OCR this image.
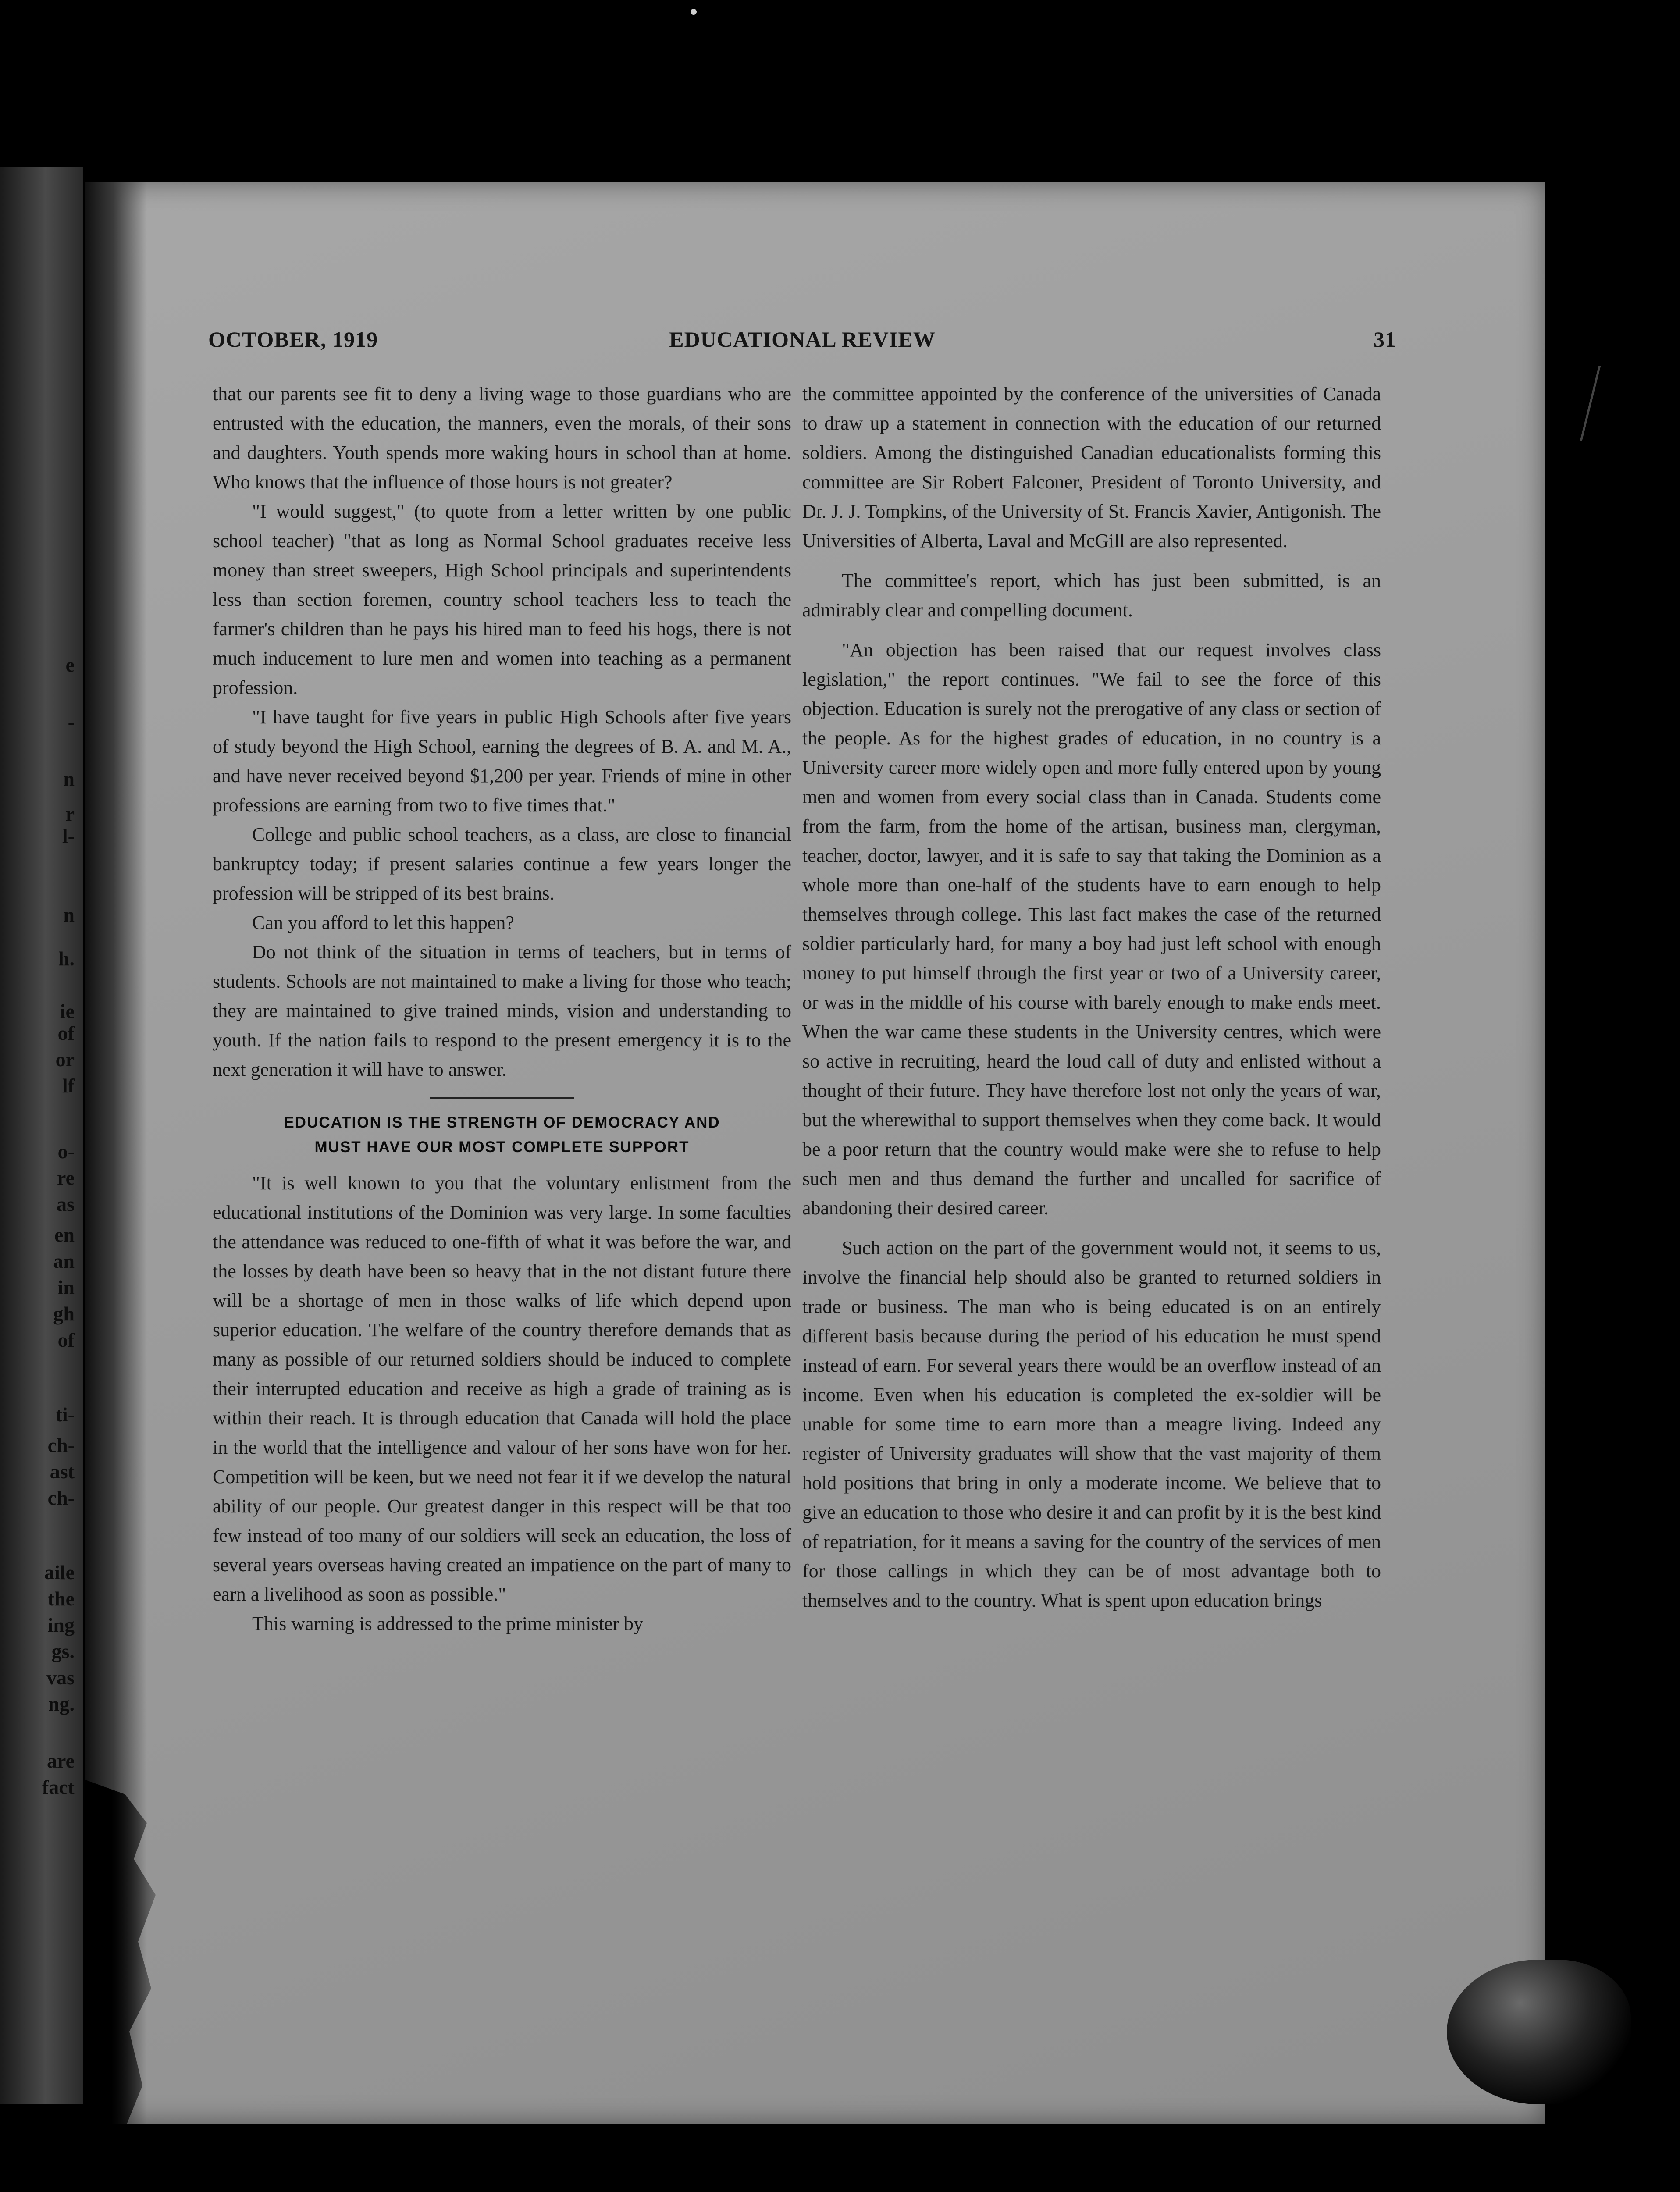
e
-
n
r
l-
n
h.
ie
of
or
lf
o-
re
as
en
an
in
gh
of
ti-
ch-
ast
ch-
aile
the
ing
gs.
vas
ng.
are
fact
OCTOBER, 1919	EDUCATIONAL REVIEW	31

that our parents see fit to deny a living wage to those guardians who are entrusted with the education, the manners, even the morals, of their sons and daughters. Youth spends more waking hours in school than at home. Who knows that the influence of those hours is not greater?

"I would suggest," (to quote from a letter written by one public school teacher) "that as long as Normal School graduates receive less money than street sweepers, High School principals and superintendents less than section foremen, country school teachers less to teach the farmer's children than he pays his hired man to feed his hogs, there is not much inducement to lure men and women into teaching as a permanent profession.

"I have taught for five years in public High Schools after five years of study beyond the High School, earning the degrees of B. A. and M. A., and have never received beyond $1,200 per year. Friends of mine in other professions are earning from two to five times that."

College and public school teachers, as a class, are close to financial bankruptcy today; if present salaries continue a few years longer the profession will be stripped of its best brains.

Can you afford to let this happen?

Do not think of the situation in terms of teachers, but in terms of students. Schools are not maintained to make a living for those who teach; they are maintained to give trained minds, vision and understanding to youth. If the nation fails to respond to the present emergency it is to the next generation it will have to answer.

EDUCATION IS THE STRENGTH OF DEMOCRACY AND
MUST HAVE OUR MOST COMPLETE SUPPORT

"It is well known to you that the voluntary enlistment from the educational institutions of the Dominion was very large. In some faculties the attendance was reduced to one-fifth of what it was before the war, and the losses by death have been so heavy that in the not distant future there will be a shortage of men in those walks of life which depend upon superior education. The welfare of the country therefore demands that as many as possible of our returned soldiers should be induced to complete their interrupted education and receive as high a grade of training as is within their reach. It is through education that Canada will hold the place in the world that the intelligence and valour of her sons have won for her. Competition will be keen, but we need not fear it if we develop the natural ability of our people. Our greatest danger in this respect will be that too few instead of too many of our soldiers will seek an education, the loss of several years overseas having created an impatience on the part of many to earn a livelihood as soon as possible."

This warning is addressed to the prime minister by

the committee appointed by the conference of the universities of Canada to draw up a statement in connection with the education of our returned soldiers. Among the distinguished Canadian educationalists forming this committee are Sir Robert Falconer, President of Toronto University, and Dr. J. J. Tompkins, of the University of St. Francis Xavier, Antigonish. The Universities of Alberta, Laval and McGill are also represented.

The committee's report, which has just been submitted, is an admirably clear and compelling document.

"An objection has been raised that our request involves class legislation," the report continues. "We fail to see the force of this objection. Education is surely not the prerogative of any class or section of the people. As for the highest grades of education, in no country is a University career more widely open and more fully entered upon by young men and women from every social class than in Canada. Students come from the farm, from the home of the artisan, business man, clergyman, teacher, doctor, lawyer, and it is safe to say that taking the Dominion as a whole more than one-half of the students have to earn enough to help themselves through college. This last fact makes the case of the returned soldier particularly hard, for many a boy had just left school with enough money to put himself through the first year or two of a University career, or was in the middle of his course with barely enough to make ends meet. When the war came these students in the University centres, which were so active in recruiting, heard the loud call of duty and enlisted without a thought of their future. They have therefore lost not only the years of war, but the wherewithal to support themselves when they come back. It would be a poor return that the country would make were she to refuse to help such men and thus demand the further and uncalled for sacrifice of abandoning their desired career.

Such action on the part of the government would not, it seems to us, involve the financial help should also be granted to returned soldiers in trade or business. The man who is being educated is on an entirely different basis because during the period of his education he must spend instead of earn. For several years there would be an overflow instead of an income. Even when his education is completed the ex-soldier will be unable for some time to earn more than a meagre living. Indeed any register of University graduates will show that the vast majority of them hold positions that bring in only a moderate income. We believe that to give an education to those who desire it and can profit by it is the best kind of repatriation, for it means a saving for the country of the services of men for those callings in which they can be of most advantage both to themselves and to the country. What is spent upon education brings
